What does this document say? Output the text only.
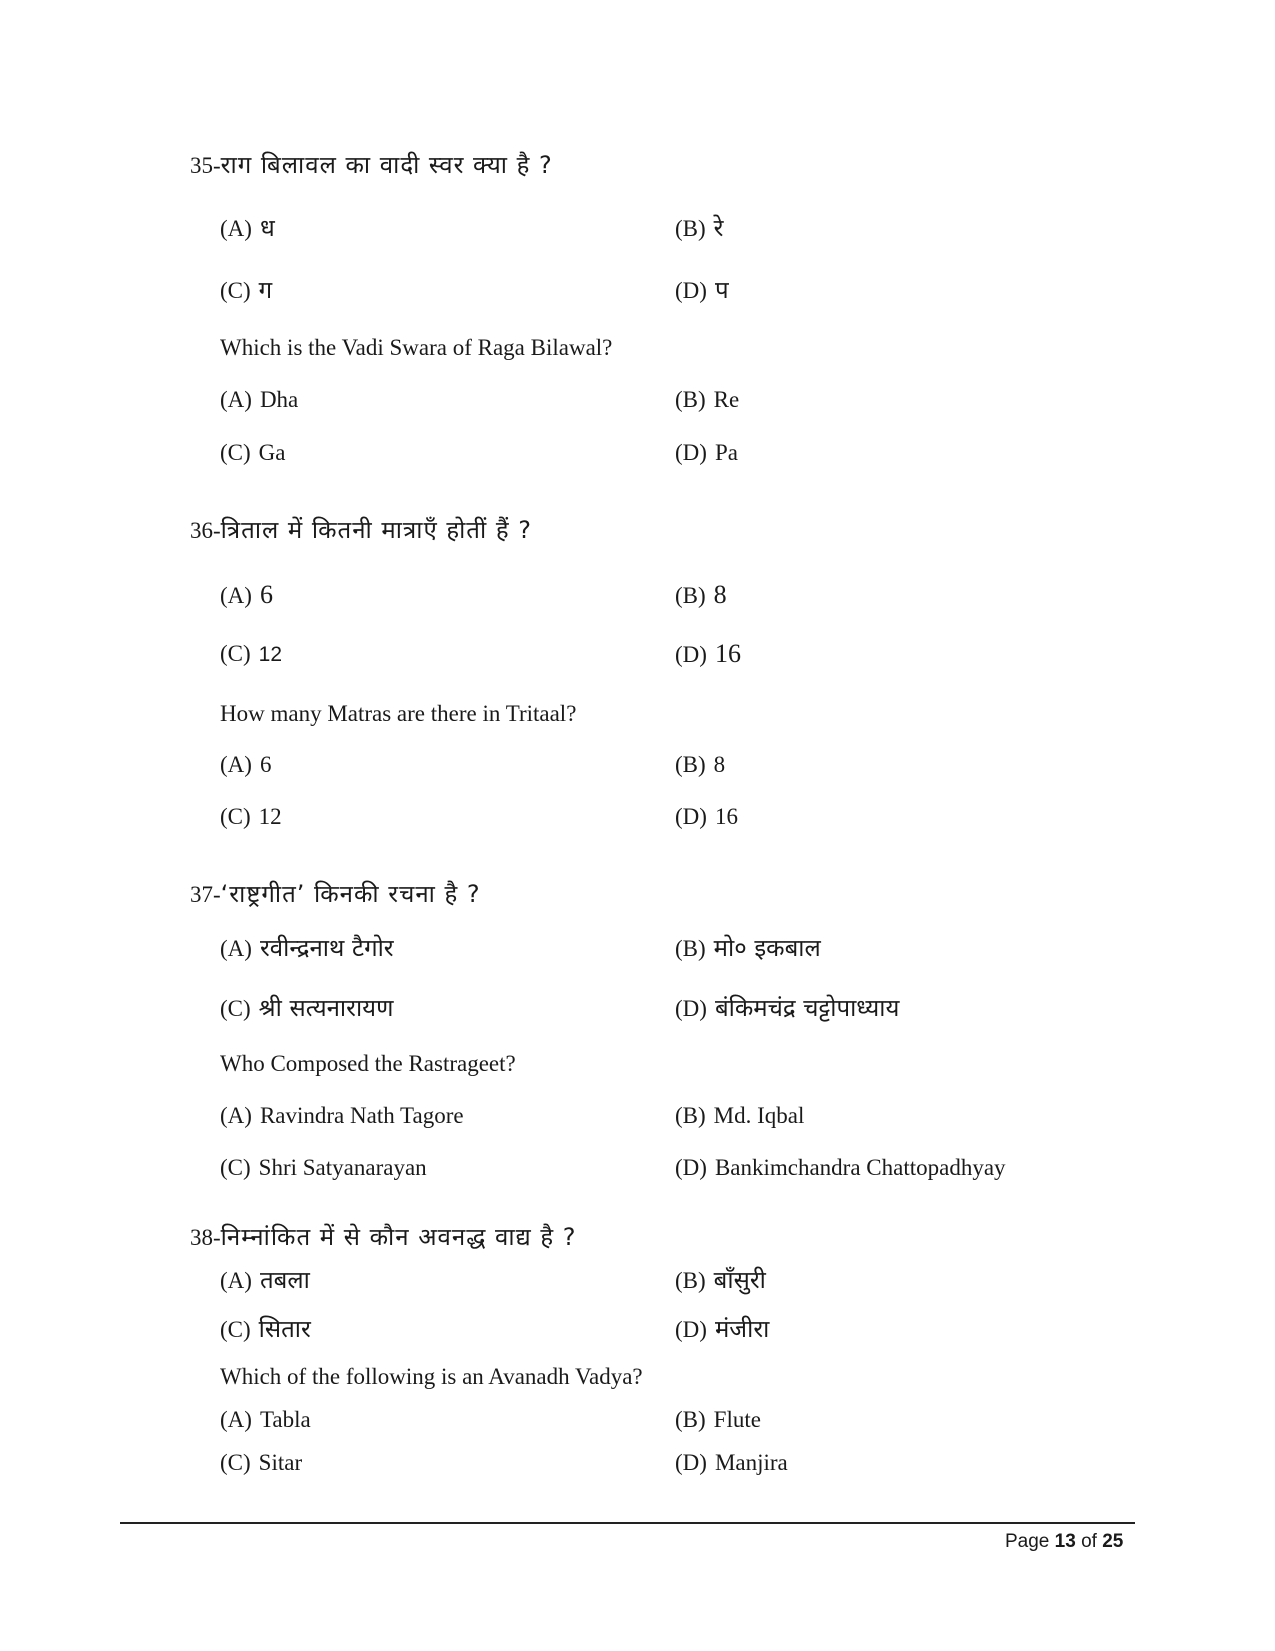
35-राग बिलावल का वादी स्वर क्या है ?
(A) ध	(B) रे
(C) ग	(D) प
Which is the Vadi Swara of Raga Bilawal?
(A) Dha	(B) Re
(C) Ga	(D) Pa
36-त्रिताल में कितनी मात्राएँ होतीं हैं ?
(A) 6	(B) 8
(C) 12	(D) 16
How many Matras are there in Tritaal?
(A) 6	(B) 8
(C) 12	(D) 16
37-‘राष्ट्रगीत’ किनकी रचना है ?
(A) रवीन्द्रनाथ टैगोर	(B) मो० इकबाल
(C) श्री सत्यनारायण	(D) बंकिमचंद्र चट्टोपाध्याय
Who Composed the Rastrageet?
(A) Ravindra Nath Tagore	(B) Md. Iqbal
(C) Shri Satyanarayan	(D) Bankimchandra Chattopadhyay
38-निम्नांकित में से कौन अवनद्ध वाद्य है ?
(A) तबला	(B) बाँसुरी
(C) सितार	(D) मंजीरा
Which of the following is an Avanadh Vadya?
(A) Tabla	(B) Flute
(C) Sitar	(D) Manjira
Page 13 of 25
